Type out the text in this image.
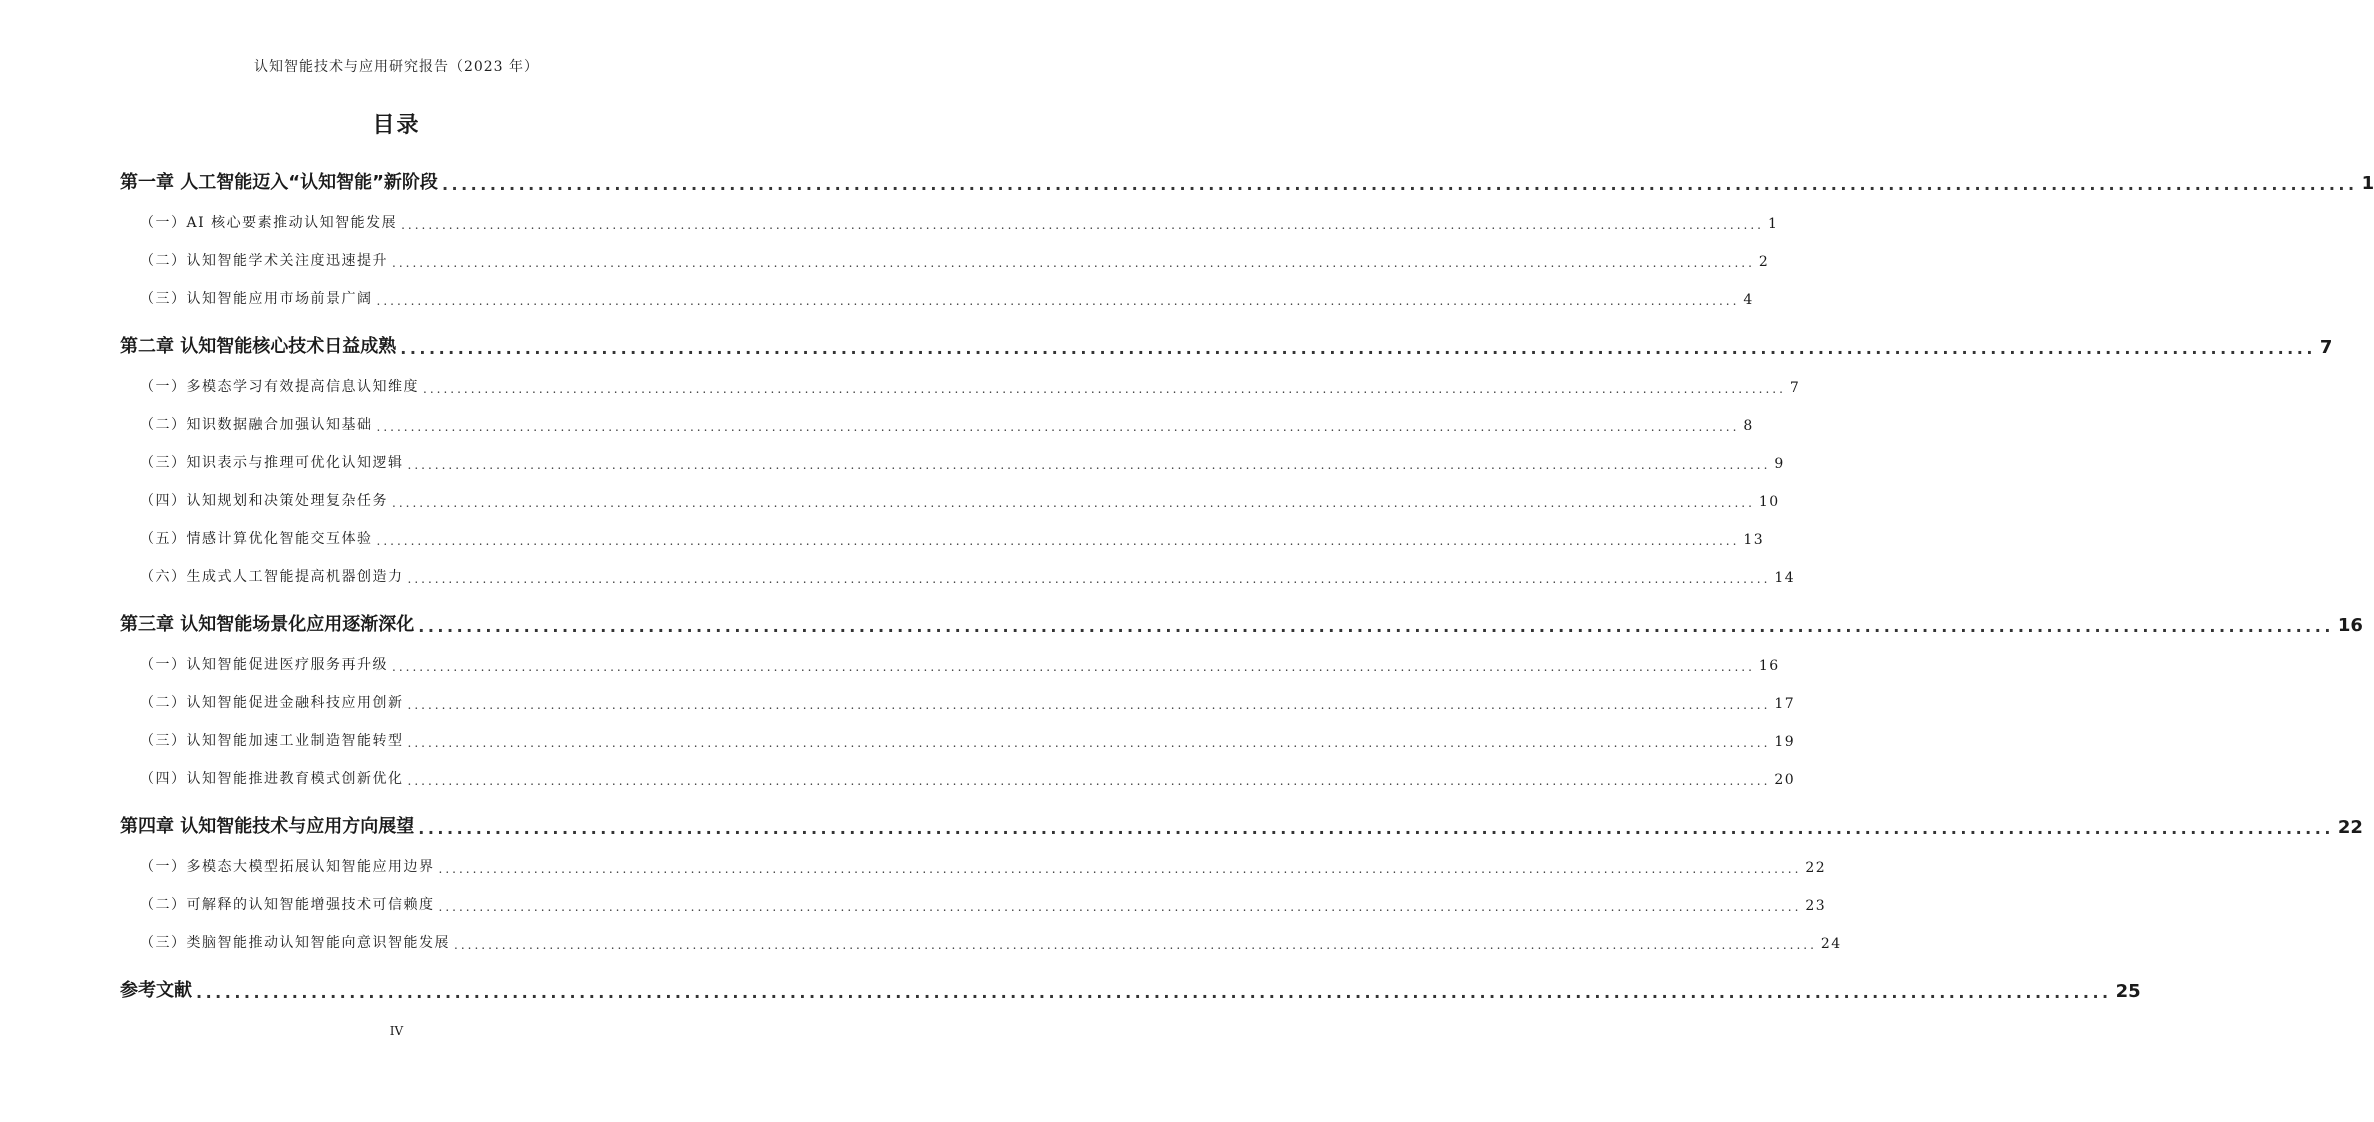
认知智能技术与应用研究报告（2023 年）
目录
第一章 人工智能迈入“认知智能”新阶段 ........................................................................................................................................................................................................ 1
（一）AI 核心要素推动认知智能发展 ........................................................................................................................................................................................................ 1
（二）认知智能学术关注度迅速提升 ........................................................................................................................................................................................................ 2
（三）认知智能应用市场前景广阔 ........................................................................................................................................................................................................ 4
第二章 认知智能核心技术日益成熟 ........................................................................................................................................................................................................ 7
（一）多模态学习有效提高信息认知维度 ........................................................................................................................................................................................................ 7
（二）知识数据融合加强认知基础 ........................................................................................................................................................................................................ 8
（三）知识表示与推理可优化认知逻辑 ........................................................................................................................................................................................................ 9
（四）认知规划和决策处理复杂任务 ........................................................................................................................................................................................................ 10
（五）情感计算优化智能交互体验 ........................................................................................................................................................................................................ 13
（六）生成式人工智能提高机器创造力 ........................................................................................................................................................................................................ 14
第三章 认知智能场景化应用逐渐深化 ........................................................................................................................................................................................................ 16
（一）认知智能促进医疗服务再升级 ........................................................................................................................................................................................................ 16
（二）认知智能促进金融科技应用创新 ........................................................................................................................................................................................................ 17
（三）认知智能加速工业制造智能转型 ........................................................................................................................................................................................................ 19
（四）认知智能推进教育模式创新优化 ........................................................................................................................................................................................................ 20
第四章 认知智能技术与应用方向展望 ........................................................................................................................................................................................................ 22
（一）多模态大模型拓展认知智能应用边界 ........................................................................................................................................................................................................ 22
（二）可解释的认知智能增强技术可信赖度 ........................................................................................................................................................................................................ 23
（三）类脑智能推动认知智能向意识智能发展 ........................................................................................................................................................................................................ 24
参考文献 ........................................................................................................................................................................................................ 25
IV
